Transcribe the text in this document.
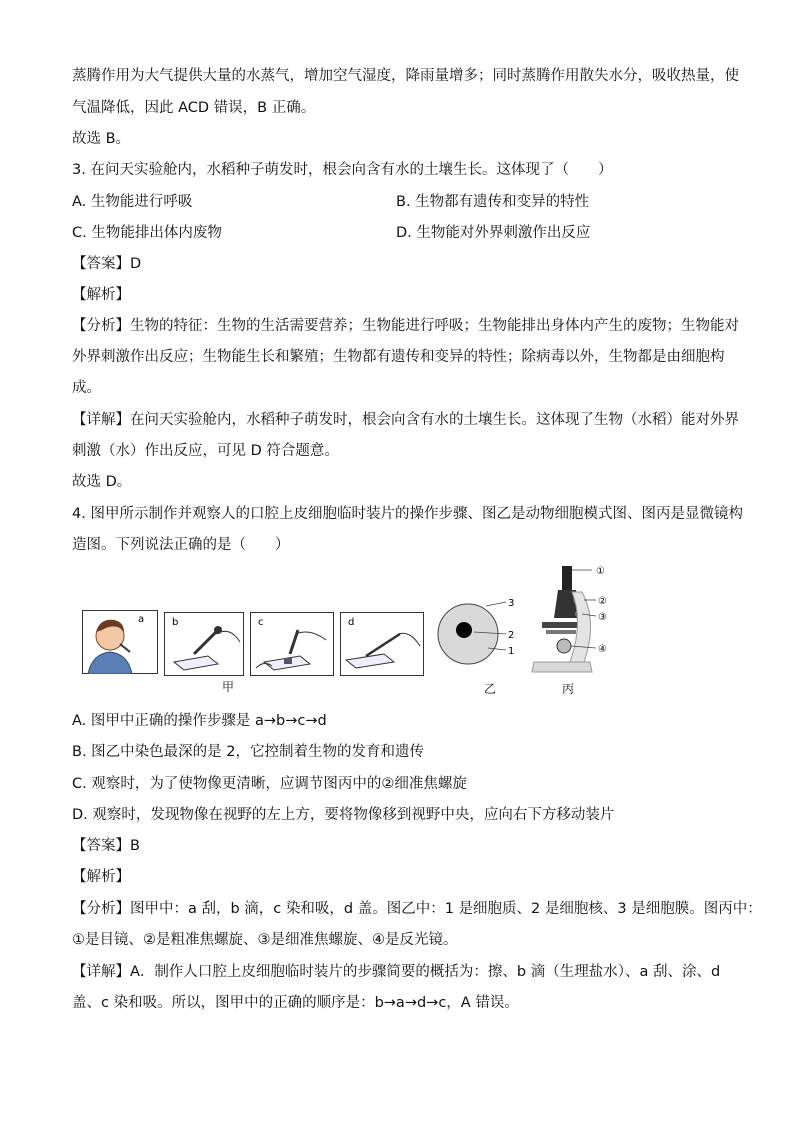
蒸腾作用为大气提供大量的水蒸气，增加空气湿度，降雨量增多；同时蒸腾作用散失水分，吸收热量，使
气温降低，因此 ACD 错误，B 正确。
故选 B。
3. 在问天实验舱内，水稻种子萌发时，根会向含有水的土壤生长。这体现了（　　）
A. 生物能进行呼吸	B. 生物都有遗传和变异的特性
C. 生物能排出体内废物	D. 生物能对外界刺激作出反应
【答案】D
【解析】
【分析】生物的特征：生物的生活需要营养；生物能进行呼吸；生物能排出身体内产生的废物；生物能对
外界刺激作出反应；生物能生长和繁殖；生物都有遗传和变异的特性；除病毒以外，生物都是由细胞构
成。
【详解】在问天实验舱内，水稻种子萌发时，根会向含有水的土壤生长。这体现了生物（水稻）能对外界
刺激（水）作出反应，可见 D 符合题意。
故选 D。
4. 图甲所示制作并观察人的口腔上皮细胞临时装片的操作步骤、图乙是动物细胞模式图、图丙是显微镜构
造图。下列说法正确的是（　　）
a	b	c	d
甲
3
2
1
乙
①
②
③
④
丙
A. 图甲中正确的操作步骤是 a→b→c→d
B. 图乙中染色最深的是 2，它控制着生物的发育和遗传
C. 观察时，为了使物像更清晰，应调节图丙中的②细准焦螺旋
D. 观察时，发现物像在视野的左上方，要将物像移到视野中央，应向右下方移动装片
【答案】B
【解析】
【分析】图甲中：a 刮，b 滴，c 染和吸，d 盖。图乙中：1 是细胞质、2 是细胞核、3 是细胞膜。图丙中：
①是目镜、②是粗准焦螺旋、③是细准焦螺旋、④是反光镜。
【详解】A．制作人口腔上皮细胞临时装片的步骤简要的概括为：擦、b 滴（生理盐水）、a 刮、涂、d
盖、c 染和吸。所以，图甲中的正确的顺序是：b→a→d→c，A 错误。
